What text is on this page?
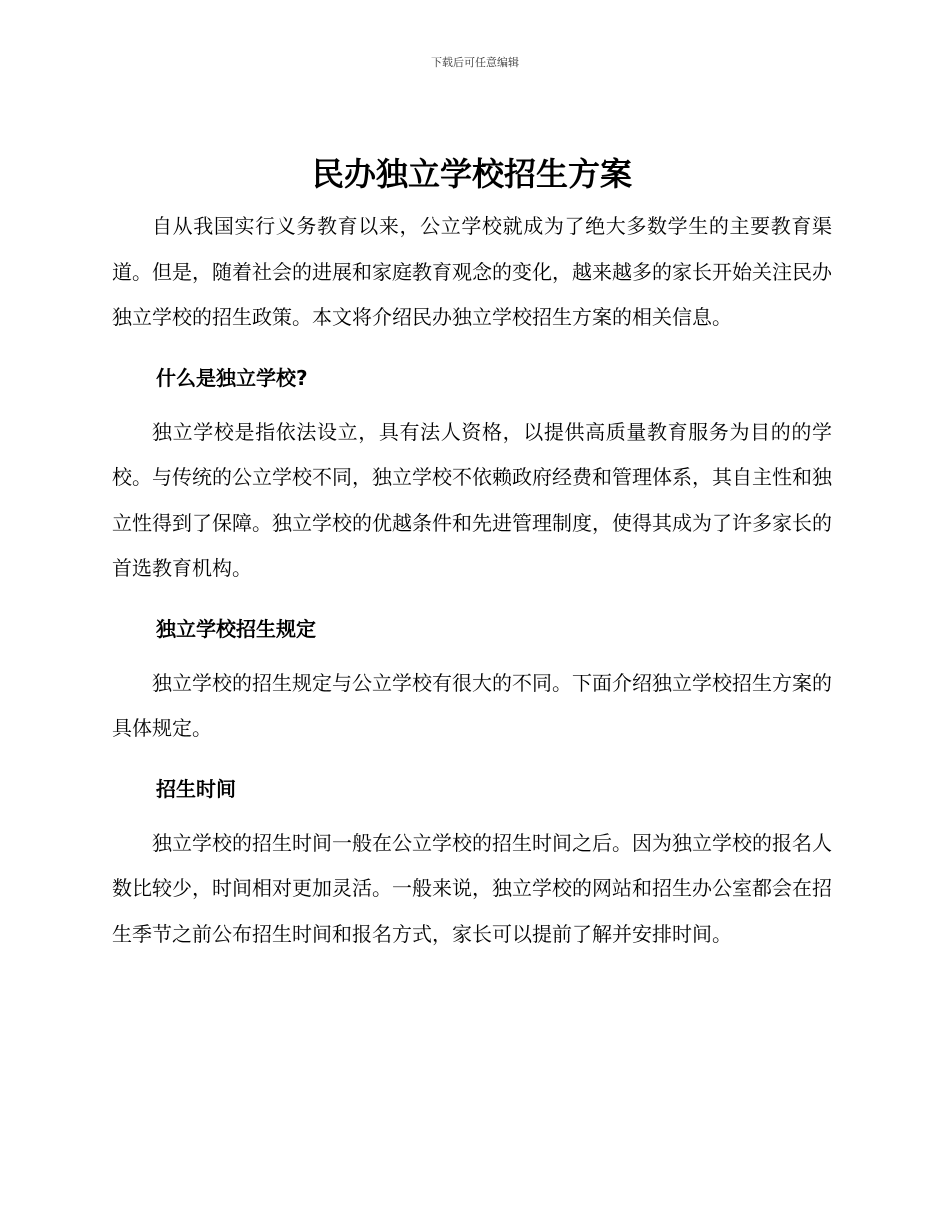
下载后可任意编辑
民办独立学校招生方案

自从我国实行义务教育以来，公立学校就成为了绝大多数学生的主要教育渠道。但是，随着社会的进展和家庭教育观念的变化，越来越多的家长开始关注民办独立学校的招生政策。本文将介绍民办独立学校招生方案的相关信息。

什么是独立学校?

独立学校是指依法设立，具有法人资格，以提供高质量教育服务为目的的学校。与传统的公立学校不同，独立学校不依赖政府经费和管理体系，其自主性和独立性得到了保障。独立学校的优越条件和先进管理制度，使得其成为了许多家长的首选教育机构。

独立学校招生规定

独立学校的招生规定与公立学校有很大的不同。下面介绍独立学校招生方案的具体规定。

招生时间

独立学校的招生时间一般在公立学校的招生时间之后。因为独立学校的报名人数比较少，时间相对更加灵活。一般来说，独立学校的网站和招生办公室都会在招生季节之前公布招生时间和报名方式，家长可以提前了解并安排时间。
